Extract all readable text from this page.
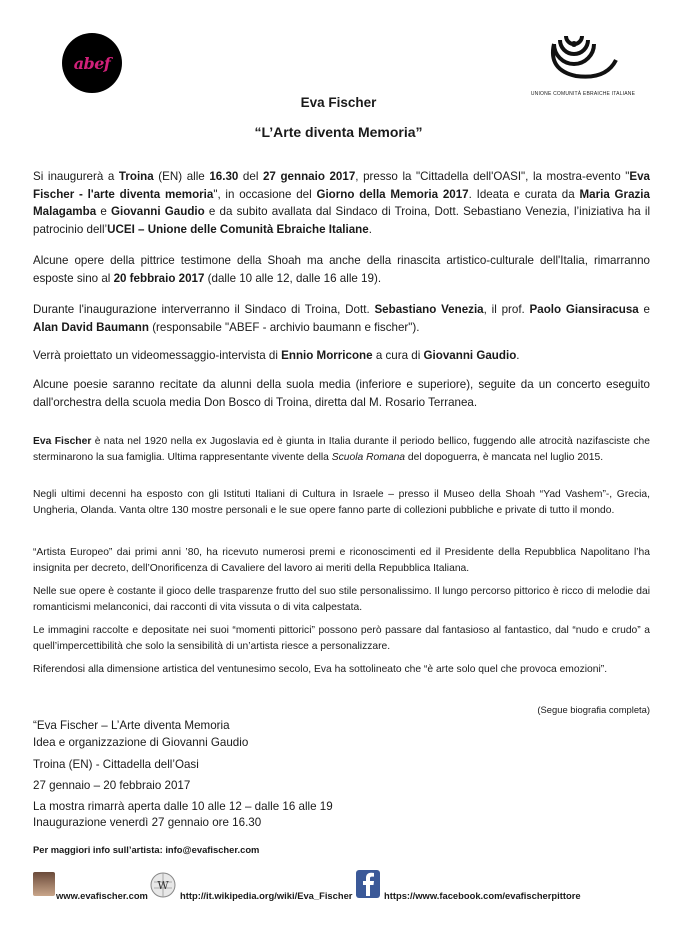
abef
UNIONE COMUNITÀ EBRAICHE ITALIANE
Eva Fischer
“L’Arte diventa Memoria”
Si inaugurerà a Troina (EN) alle 16.30 del 27 gennaio 2017, presso la "Cittadella dell'OASI", la mostra-evento "Eva Fischer - l'arte diventa memoria", in occasione del Giorno della Memoria 2017. Ideata e curata da Maria Grazia Malagamba e Giovanni Gaudio e da subito avallata dal Sindaco di Troina, Dott. Sebastiano Venezia, l’iniziativa ha il patrocinio dell’UCEI – Unione delle Comunità Ebraiche Italiane.
Alcune opere della pittrice testimone della Shoah ma anche della rinascita artistico-culturale dell'Italia, rimarranno esposte sino al 20 febbraio 2017 (dalle 10 alle 12, dalle 16 alle 19).
Durante l'inaugurazione interverranno il Sindaco di Troina, Dott. Sebastiano Venezia, il prof. Paolo Giansiracusa e Alan David Baumann (responsabile "ABEF - archivio baumann e fischer").
Verrà proiettato un videomessaggio-intervista di Ennio Morricone a cura di Giovanni Gaudio.
Alcune poesie saranno recitate da alunni della suola media (inferiore e superiore), seguite da un concerto eseguito dall'orchestra della scuola media Don Bosco di Troina, diretta dal M. Rosario Terranea.
Eva Fischer è nata nel 1920 nella ex Jugoslavia ed è giunta in Italia durante il periodo bellico, fuggendo alle atrocità nazifasciste che sterminarono la sua famiglia. Ultima rappresentante vivente della Scuola Romana del dopoguerra, è mancata nel luglio 2015.
Negli ultimi decenni ha esposto con gli Istituti Italiani di Cultura in Israele – presso il Museo della Shoah “Yad Vashem”-, Grecia, Ungheria, Olanda. Vanta oltre 130 mostre personali e le sue opere fanno parte di collezioni pubbliche e private di tutto il mondo.
“Artista Europeo” dai primi anni ’80, ha ricevuto numerosi premi e riconoscimenti ed il Presidente della Repubblica Napolitano l’ha insignita per decreto, dell’Onorificenza di Cavaliere del lavoro ai meriti della Repubblica Italiana.
Nelle sue opere è costante il gioco delle trasparenze frutto del suo stile personalissimo. Il lungo percorso pittorico è ricco di melodie dai romanticismi melanconici, dai racconti di vita vissuta o di vita calpestata.
Le immagini raccolte e depositate nei suoi “momenti pittorici” possono però passare dal fantasioso al fantastico, dal “nudo e crudo” a quell’impercettibilità che solo la sensibilità di un’artista riesce a personalizzare.
Riferendosi alla dimensione artistica del ventunesimo secolo, Eva ha sottolineato che “è arte solo quel che provoca emozioni”.
(Segue biografia completa)
“Eva Fischer – L’Arte diventa Memoria
Idea e organizzazione di Giovanni Gaudio
Troina (EN) - Cittadella dell’Oasi
27 gennaio – 20 febbraio 2017
La mostra rimarrà aperta dalle 10 alle 12 – dalle 16 alle 19
Inaugurazione venerdì 27 gennaio ore 16.30
Per maggiori info sull’artista: info@evafischer.com
www.evafischer.com
W
http://it.wikipedia.org/wiki/Eva_Fischer	https://www.facebook.com/evafischerpittore
